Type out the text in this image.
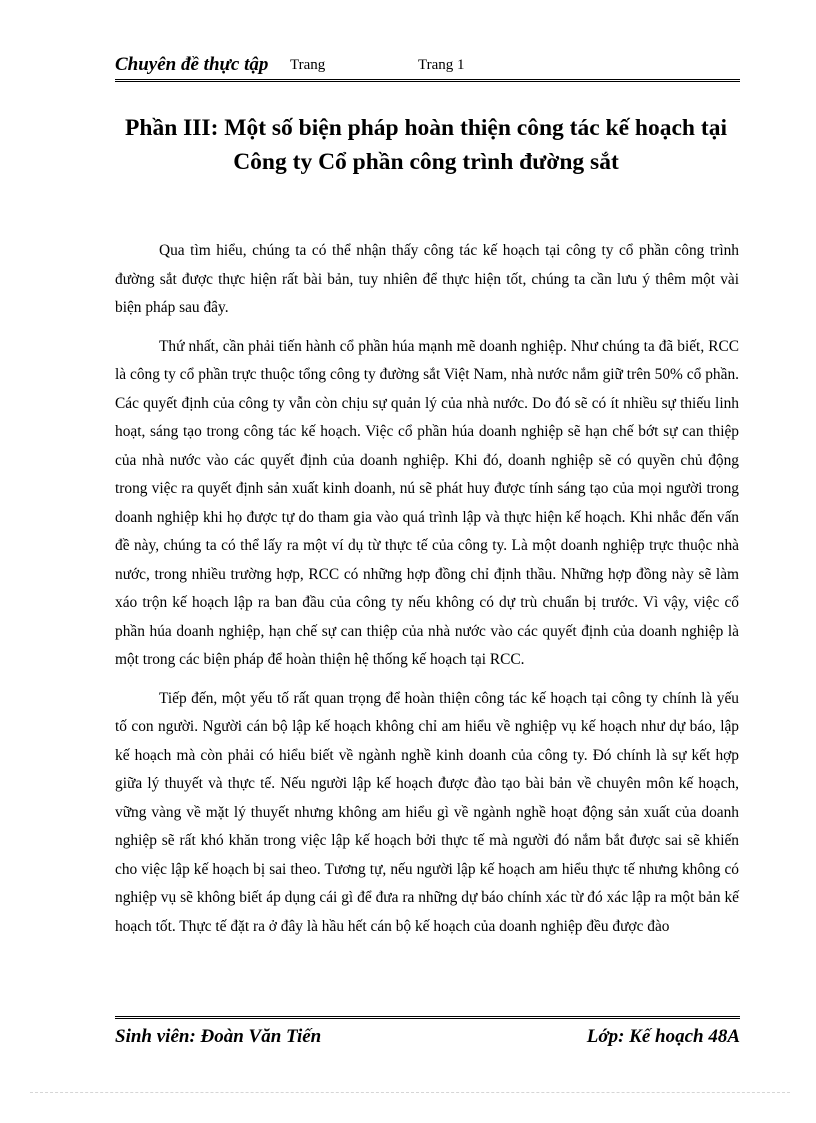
Chuyên đề thực tập Trang	Trang 1
Phần III: Một số biện pháp hoàn thiện công tác kế hoạch tại
Công ty Cổ phần công trình đường sắt

Qua tìm hiểu, chúng ta có thể nhận thấy công tác kế hoạch tại công ty cổ phần công trình đường sắt được thực hiện rất bài bản, tuy nhiên để thực hiện tốt, chúng ta cần lưu ý thêm một vài biện pháp sau đây.

Thứ nhất, cần phải tiến hành cổ phần húa mạnh mẽ doanh nghiệp. Như chúng ta đã biết, RCC là công ty cổ phần trực thuộc tổng công ty đường sắt Việt Nam, nhà nước nắm giữ trên 50% cổ phần. Các quyết định của công ty vẫn còn chịu sự quản lý của nhà nước. Do đó sẽ có ít nhiều sự thiếu linh hoạt, sáng tạo trong công tác kế hoạch. Việc cổ phần húa doanh nghiệp sẽ hạn chế bớt sự can thiệp của nhà nước vào các quyết định của doanh nghiệp. Khi đó, doanh nghiệp sẽ có quyền chủ động trong việc ra quyết định sản xuất kinh doanh, nú sẽ phát huy được tính sáng tạo của mọi người trong doanh nghiệp khi họ được tự do tham gia vào quá trình lập và thực hiện kế hoạch. Khi nhắc đến vấn đề này, chúng ta có thể lấy ra một ví dụ từ thực tế của công ty. Là một doanh nghiệp trực thuộc nhà nước, trong nhiều trường hợp, RCC có những hợp đồng chỉ định thầu. Những hợp đồng này sẽ làm xáo trộn kế hoạch lập ra ban đầu của công ty nếu không có dự trù chuẩn bị trước. Vì vậy, việc cổ phần húa doanh nghiệp, hạn chế sự can thiệp của nhà nước vào các quyết định của doanh nghiệp là một trong các biện pháp để hoàn thiện hệ thống kế hoạch tại RCC.

Tiếp đến, một yếu tố rất quan trọng để hoàn thiện công tác kế hoạch tại công ty chính là yếu tố con người. Người cán bộ lập kế hoạch không chỉ am hiểu về nghiệp vụ kế hoạch như dự báo, lập kế hoạch mà còn phải có hiểu biết về ngành nghề kinh doanh của công ty. Đó chính là sự kết hợp giữa lý thuyết và thực tế. Nếu người lập kế hoạch được đào tạo bài bản về chuyên môn kế hoạch, vững vàng về mặt lý thuyết nhưng không am hiểu gì về ngành nghề hoạt động sản xuất của doanh nghiệp sẽ rất khó khăn trong việc lập kế hoạch bởi thực tế mà người đó nắm bắt được sai sẽ khiến cho việc lập kế hoạch bị sai theo. Tương tự, nếu người lập kế hoạch am hiểu thực tế nhưng không có nghiệp vụ sẽ không biết áp dụng cái gì để đưa ra những dự báo chính xác từ đó xác lập ra một bản kế hoạch tốt. Thực tế đặt ra ở đây là hầu hết cán bộ kế hoạch của doanh nghiệp đều được đào

Sinh viên: Đoàn Văn Tiến	Lớp: Kế hoạch 48A
